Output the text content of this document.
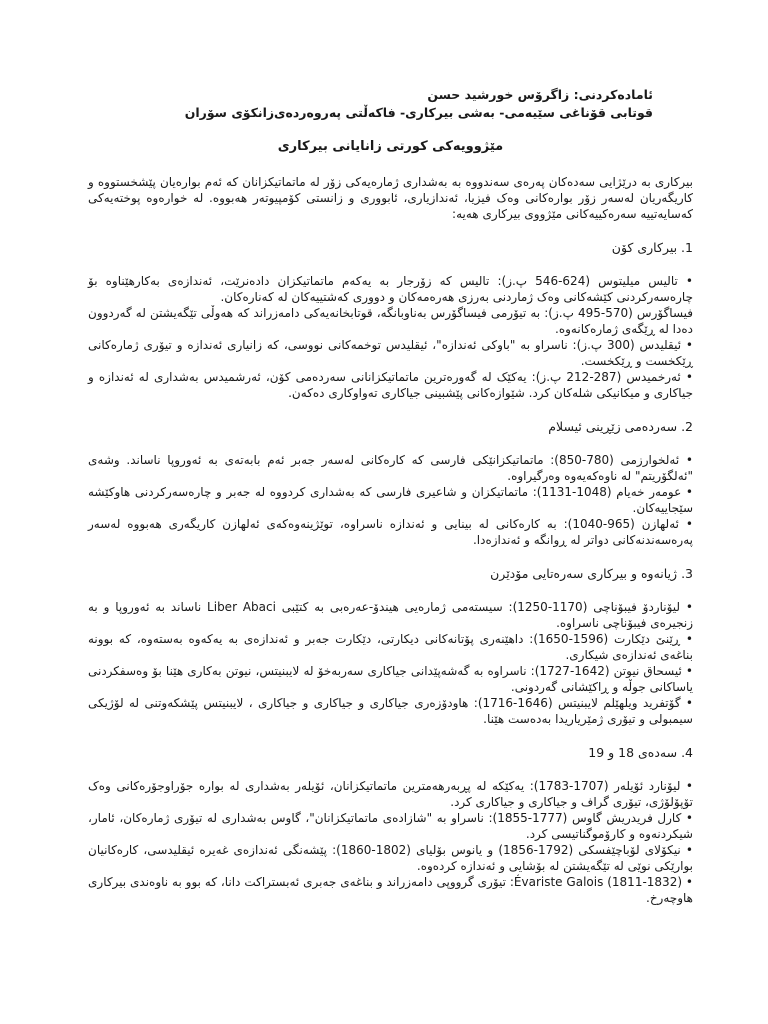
ئامادەکردنی: زاگرۆس خورشید حسن
قوتابی قۆناغی سێیەمی- بەشی بیرکاری- فاکەڵتی پەروەردەی‌زانکۆی سۆران
مێژوویەکی کورتی زانایانی بیرکاری

بیرکاری بە درێژایی سەدەکان پەرەی سەندووە بە بەشداری ژمارەیەکی زۆر لە ماتماتیکزانان کە ئەم بوارەیان پێشخستووە و کاریگەریان لەسەر زۆر بوارەکانی وەک فیزیا، ئەندازیاری، ئابووری و زانستی کۆمپیوتەر هەبووە. لە خوارەوە پوختەیەکی کەسایەتییە سەرەکییەکانی مێژووی بیرکاری هەیە:

1. بیرکاری کۆن

• تالیس میلیتوس (624-546 پ.ز): تالیس کە زۆرجار بە یەکەم ماتماتیکزان دادەنرێت، ئەندازەی بەکارهێناوە بۆ چارەسەرکردنی کێشەکانی وەک ژماردنی بەرزی هەرەمەکان و دووری کەشتییەکان لە کەنارەکان.

فیساگۆرس (570-495 پ.ز): بە تیۆرمی فیساگۆرس بەناوبانگە، قوتابخانەیەکی دامەزراند کە هەوڵی تێگەیشتن لە گەردوون دەدا لە ڕێگەی ژمارەکانەوە.

• ئیقلیدس (300 پ.ز): ناسراو بە "باوکی ئەندازە"، ئیقلیدس توخمەکانی نووسی، کە زانیاری ئەندازە و تیۆری ژمارەکانی ڕێکخست و ڕێکخست.

• ئەرخمیدس (287-212 پ.ز): یەکێک لە گەورەترین ماتماتیکزانانی سەردەمی کۆن، ئەرشمیدس بەشداری لە ئەندازە و جیاکاری و میکانیکی شلەکان کرد. شێوازەکانی پێشبینی جیاکاری تەواوکاری دەکەن.

2. سەردەمی زێڕینی ئیسلام

• ئەلخوارزمی (780-850): ماتماتیکزانێکی فارسی کە کارەکانی لەسەر جەبر ئەم بابەتەی بە ئەوروپا ناساند. وشەی "ئەلگۆریتم" لە ناوەکەیەوە وەرگیراوە.

• عومەر خەیام (1048-1131): ماتماتیکزان و شاعیری فارسی کە بەشداری کردووە لە جەبر و چارەسەرکردنی هاوکێشە سێجاییەکان.

• ئەلهازن (965-1040): بە کارەکانی لە بینایی و ئەندازە ناسراوە، توێژینەوەکەی ئەلهازن کاریگەری هەبووە لەسەر پەرەسەندنەکانی دواتر لە ڕوانگە و ئەندازەدا.

3. ژیانەوە و بیرکاری سەرەتایی مۆدێرن

• لیۆناردۆ فیبۆناچی (1170-1250): سیستەمی ژمارەیی هیندۆ-عەرەبی بە کتێبی Liber Abaci ناساند بە ئەوروپا و بە زنجیرەی فیبۆناچی ناسراوە.

• ڕێنێ دێکارت (1596-1650): داهێنەری پۆتانەکانی دیکارتی، دێکارت جەبر و ئەندازەی بە یەکەوە بەستەوە، کە بوونە بناغەی ئەندازەی شیکاری.

• ئیسحاق نیوتن (1642-1727): ناسراوە بە گەشەپێدانی جیاکاری سەربەخۆ لە لایبنیتس، نیوتن بەکاری هێنا بۆ وەسفکردنی یاساکانی جوڵە و ڕاکێشانی گەردونی.

• گۆتفرید ویلهێلم لایبنیتس (1646-1716): هاودۆزەری جیاکاری و جیاکاری و جیاکاری ، لایبنیتس پێشکەوتنی لە لۆژیکی سیمبولی و تیۆری ژمێریاریدا بەدەست هێنا.

4. سەدەی 18 و 19

• لیۆنارد ئۆیلەر (1707-1783): یەکێکە لە پڕبەرهەمترین ماتماتیکزانان، ئۆیلەر بەشداری لە بوارە جۆراوجۆرەکانی وەک تۆپۆلۆژی، تیۆری گراف و جیاکاری و جیاکاری کرد.

• کارل فریدریش گاوس (1777-1855): ناسراو بە "شازادەی ماتماتیکزانان"، گاوس بەشداری لە تیۆری ژمارەکان، ئامار، شیکردنەوە و کارۆموگناتیسی کرد.

• نیکۆلای لۆباچێفسکی (1792-1856) و یانوس بۆلیای (1802-1860): پێشەنگی ئەندازەی غەیرە ئیقلیدسی، کارەکانیان بوارێکی نوێی لە تێگەیشتن لە بۆشایی و ئەندازە کردەوە.

• Évariste Galois (1811-1832): تیۆری گرووپی دامەزراند و بناغەی جەبری ئەبستراکت دانا، کە بوو بە ناوەندی بیرکاری هاوچەرخ.
